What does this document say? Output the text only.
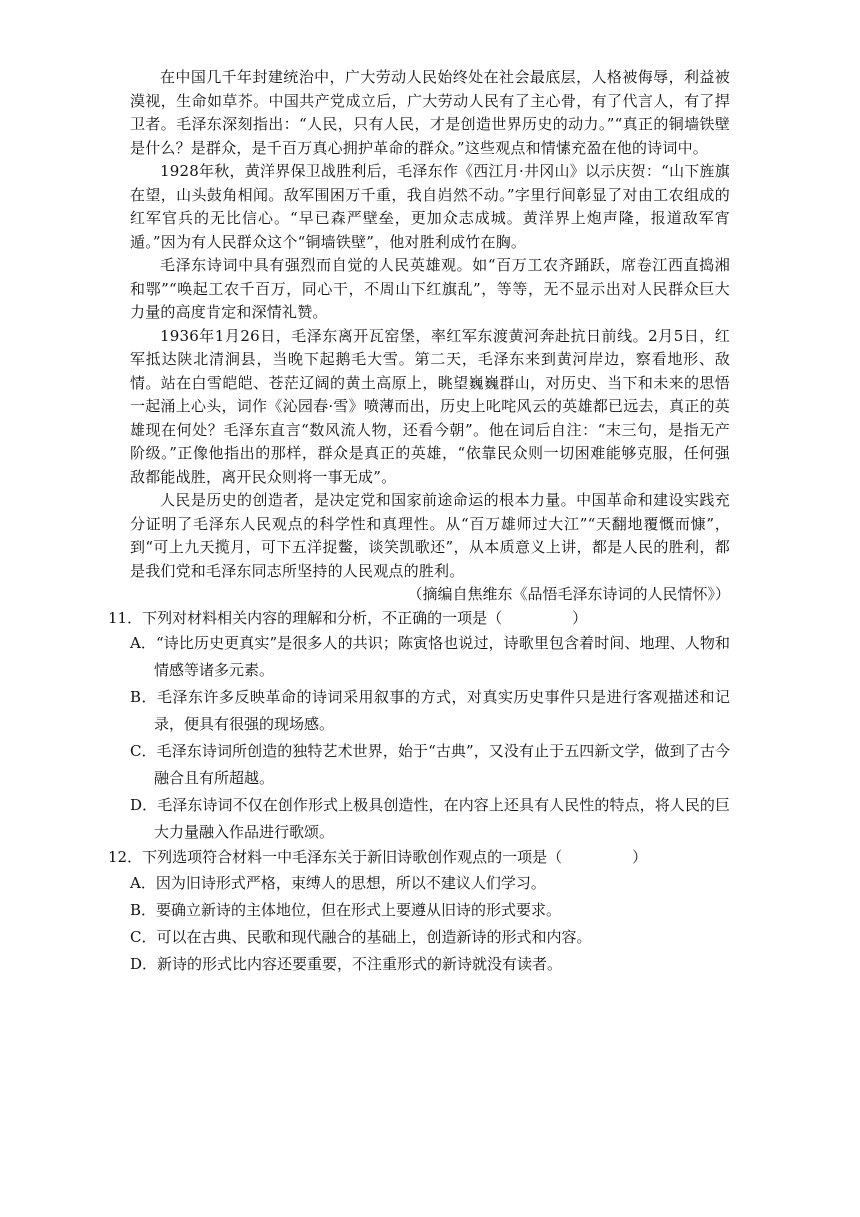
在中国几千年封建统治中，广大劳动人民始终处在社会最底层，人格被侮辱，利益被漠视，生命如草芥。中国共产党成立后，广大劳动人民有了主心骨，有了代言人，有了捍卫者。毛泽东深刻指出：“人民，只有人民，才是创造世界历史的动力。”“真正的铜墙铁壁是什么？是群众，是千百万真心拥护革命的群众。”这些观点和情愫充盈在他的诗词中。

1928年秋，黄洋界保卫战胜利后，毛泽东作《西江月·井冈山》以示庆贺：“山下旌旗在望，山头鼓角相闻。敌军围困万千重，我自岿然不动。”字里行间彰显了对由工农组成的红军官兵的无比信心。“早已森严壁垒，更加众志成城。黄洋界上炮声隆，报道敌军宵遁。”因为有人民群众这个“铜墙铁壁”，他对胜利成竹在胸。

毛泽东诗词中具有强烈而自觉的人民英雄观。如“百万工农齐踊跃，席卷江西直捣湘和鄂”“唤起工农千百万，同心干，不周山下红旗乱”，等等，无不显示出对人民群众巨大力量的高度肯定和深情礼赞。

1936年1月26日，毛泽东离开瓦窑堡，率红军东渡黄河奔赴抗日前线。2月5日，红军抵达陕北清涧县，当晚下起鹅毛大雪。第二天，毛泽东来到黄河岸边，察看地形、敌情。站在白雪皑皑、苍茫辽阔的黄土高原上，眺望巍巍群山，对历史、当下和未来的思悟一起涌上心头，词作《沁园春·雪》喷薄而出，历史上叱咤风云的英雄都已远去，真正的英雄现在何处？毛泽东直言“数风流人物，还看今朝”。他在词后自注：“末三句，是指无产阶级。”正像他指出的那样，群众是真正的英雄，“依靠民众则一切困难能够克服，任何强敌都能战胜，离开民众则将一事无成”。

人民是历史的创造者，是决定党和国家前途命运的根本力量。中国革命和建设实践充分证明了毛泽东人民观点的科学性和真理性。从“百万雄师过大江”“天翻地覆慨而慷”，到“可上九天揽月，可下五洋捉鳖，谈笑凯歌还”，从本质意义上讲，都是人民的胜利，都是我们党和毛泽东同志所坚持的人民观点的胜利。

（摘编自焦维东《品悟毛泽东诗词的人民情怀》）

11．下列对材料相关内容的理解和分析，不正确的一项是（	）

A．“诗比历史更真实”是很多人的共识；陈寅恪也说过，诗歌里包含着时间、地理、人物和情感等诸多元素。

B．毛泽东许多反映革命的诗词采用叙事的方式，对真实历史事件只是进行客观描述和记录，便具有很强的现场感。

C．毛泽东诗词所创造的独特艺术世界，始于“古典”，又没有止于五四新文学，做到了古今融合且有所超越。

D．毛泽东诗词不仅在创作形式上极具创造性，在内容上还具有人民性的特点，将人民的巨大力量融入作品进行歌颂。

12．下列选项符合材料一中毛泽东关于新旧诗歌创作观点的一项是（	）

A．因为旧诗形式严格，束缚人的思想，所以不建议人们学习。

B．要确立新诗的主体地位，但在形式上要遵从旧诗的形式要求。

C．可以在古典、民歌和现代融合的基础上，创造新诗的形式和内容。

D．新诗的形式比内容还要重要，不注重形式的新诗就没有读者。
